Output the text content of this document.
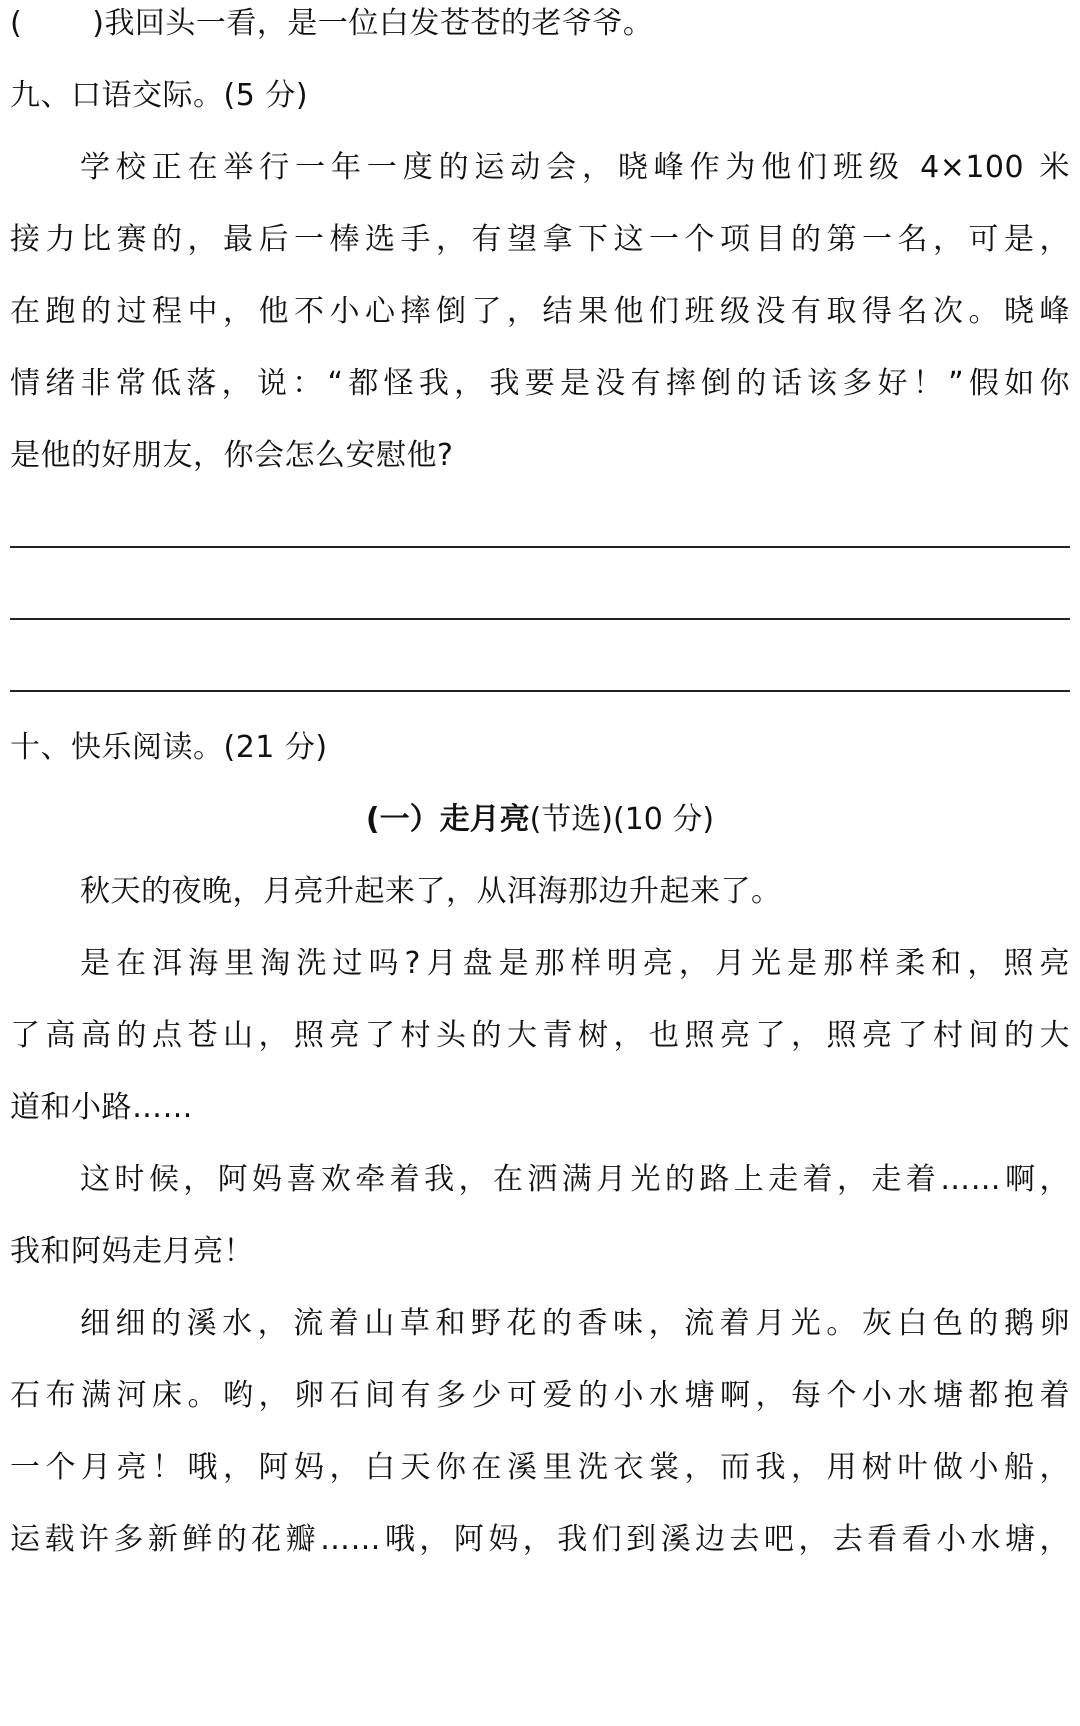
( )我回头一看，是一位白发苍苍的老爷爷。
九、口语交际。(5 分)
学校正在举行一年一度的运动会，晓峰作为他们班级 4×100 米
接力比赛的，最后一棒选手，有望拿下这一个项目的第一名，可是，
在跑的过程中，他不小心摔倒了，结果他们班级没有取得名次。晓峰
情绪非常低落，说：“都怪我，我要是没有摔倒的话该多好！”假如你
是他的好朋友，你会怎么安慰他?
十、快乐阅读。(21 分)
(一）走月亮(节选)(10 分)
秋天的夜晚，月亮升起来了，从洱海那边升起来了。
是在洱海里淘洗过吗?月盘是那样明亮，月光是那样柔和，照亮
了高高的点苍山，照亮了村头的大青树，也照亮了，照亮了村间的大
道和小路……
这时候，阿妈喜欢牵着我，在洒满月光的路上走着，走着……啊，
我和阿妈走月亮！
细细的溪水，流着山草和野花的香味，流着月光。灰白色的鹅卵
石布满河床。哟，卵石间有多少可爱的小水塘啊，每个小水塘都抱着
一个月亮！哦，阿妈，白天你在溪里洗衣裳，而我，用树叶做小船，
运载许多新鲜的花瓣……哦，阿妈，我们到溪边去吧，去看看小水塘，
